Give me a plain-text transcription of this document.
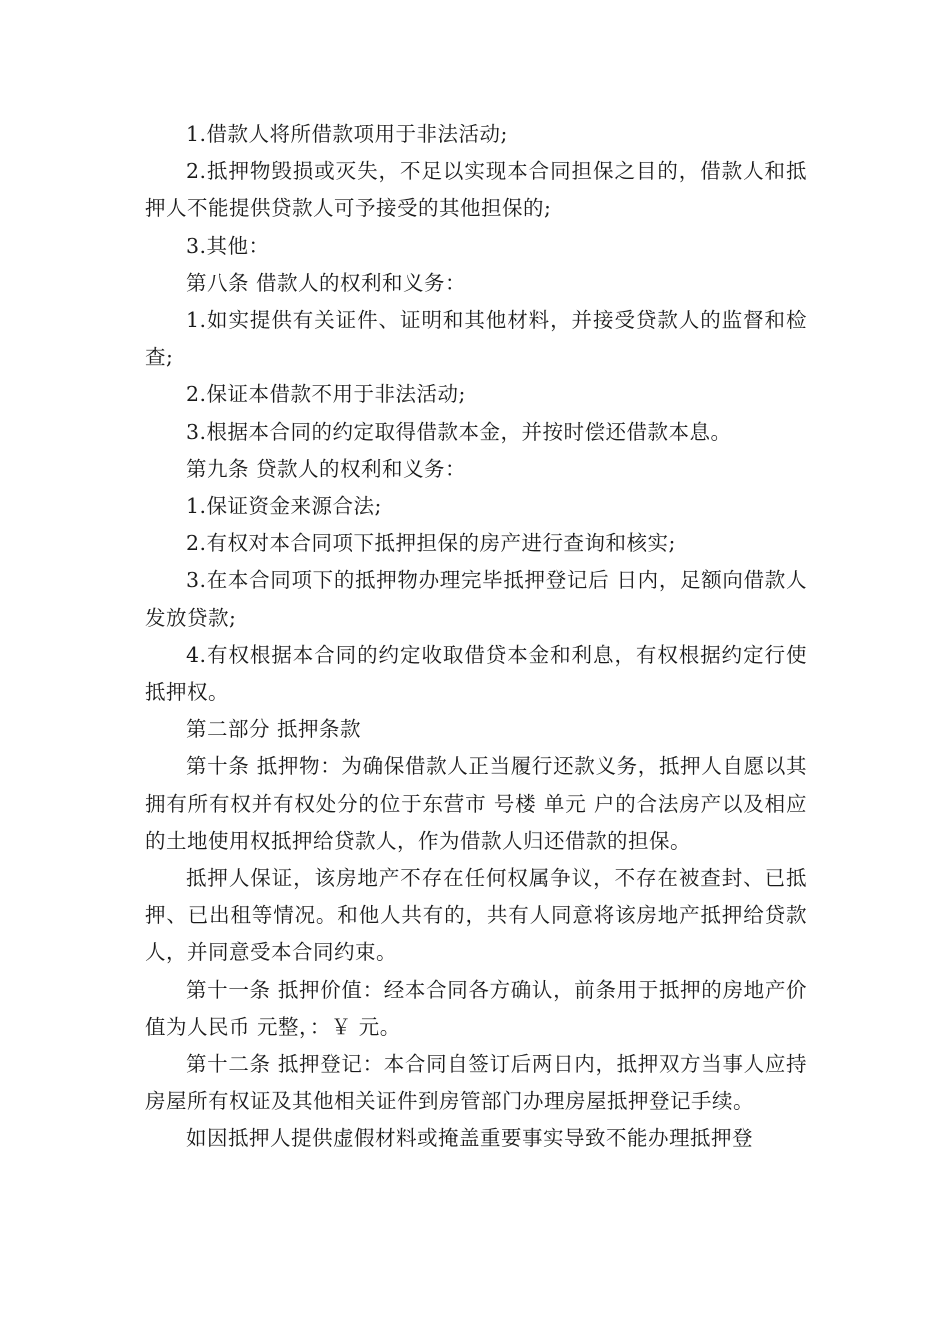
1.借款人将所借款项用于非法活动;

2.抵押物毁损或灭失，不足以实现本合同担保之目的，借款人和抵押人不能提供贷款人可予接受的其他担保的;

3.其他：

第八条 借款人的权利和义务：

1.如实提供有关证件、证明和其他材料，并接受贷款人的监督和检查;

2.保证本借款不用于非法活动;

3.根据本合同的约定取得借款本金，并按时偿还借款本息。

第九条 贷款人的权利和义务：

1.保证资金来源合法;

2.有权对本合同项下抵押担保的房产进行查询和核实;

3.在本合同项下的抵押物办理完毕抵押登记后 日内，足额向借款人发放贷款;

4.有权根据本合同的约定收取借贷本金和利息，有权根据约定行使抵押权。

第二部分 抵押条款

第十条 抵押物：为确保借款人正当履行还款义务，抵押人自愿以其拥有所有权并有权处分的位于东营市 号楼 单元 户的合法房产以及相应的土地使用权抵押给贷款人，作为借款人归还借款的担保。

抵押人保证，该房地产不存在任何权属争议，不存在被查封、已抵押、已出租等情况。和他人共有的，共有人同意将该房地产抵押给贷款人，并同意受本合同约束。

第十一条 抵押价值：经本合同各方确认，前条用于抵押的房地产价值为人民币 元整，：￥ 元。

第十二条 抵押登记：本合同自签订后两日内，抵押双方当事人应持房屋所有权证及其他相关证件到房管部门办理房屋抵押登记手续。

如因抵押人提供虚假材料或掩盖重要事实导致不能办理抵押登
